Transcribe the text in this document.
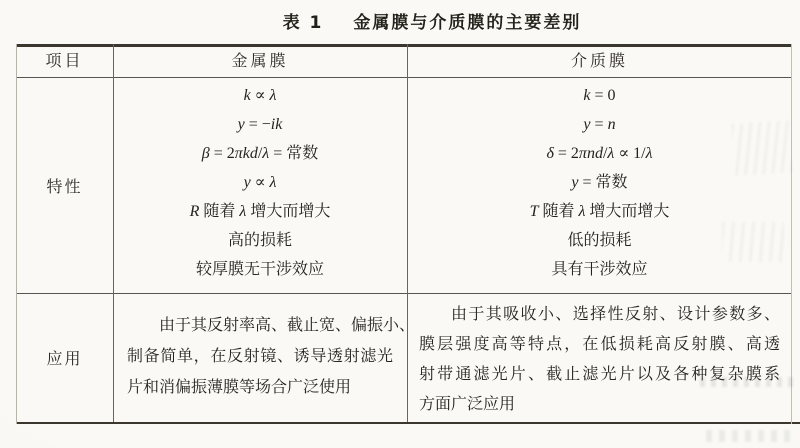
表 1 金属膜与介质膜的主要差别
项目	金属膜	介质膜
特性
k ∝ λ
y = −ik
β = 2πkd/λ = 常数
y ∝ λ
R 随着 λ 增大而增大
高的损耗
较厚膜无干涉效应
k = 0
y = n
δ = 2πnd/λ ∝ 1/λ
y = 常数
T 随着 λ 增大而增大
低的损耗
具有干涉效应
应用
由于其反射率高、截止宽、偏振小、
制备简单，在反射镜、诱导透射滤光
片和消偏振薄膜等场合广泛使用
由于其吸收小、选择性反射、设计参数多、
膜层强度高等特点，在低损耗高反射膜、高透
射带通滤光片、截止滤光片以及各种复杂膜系
方面广泛应用
